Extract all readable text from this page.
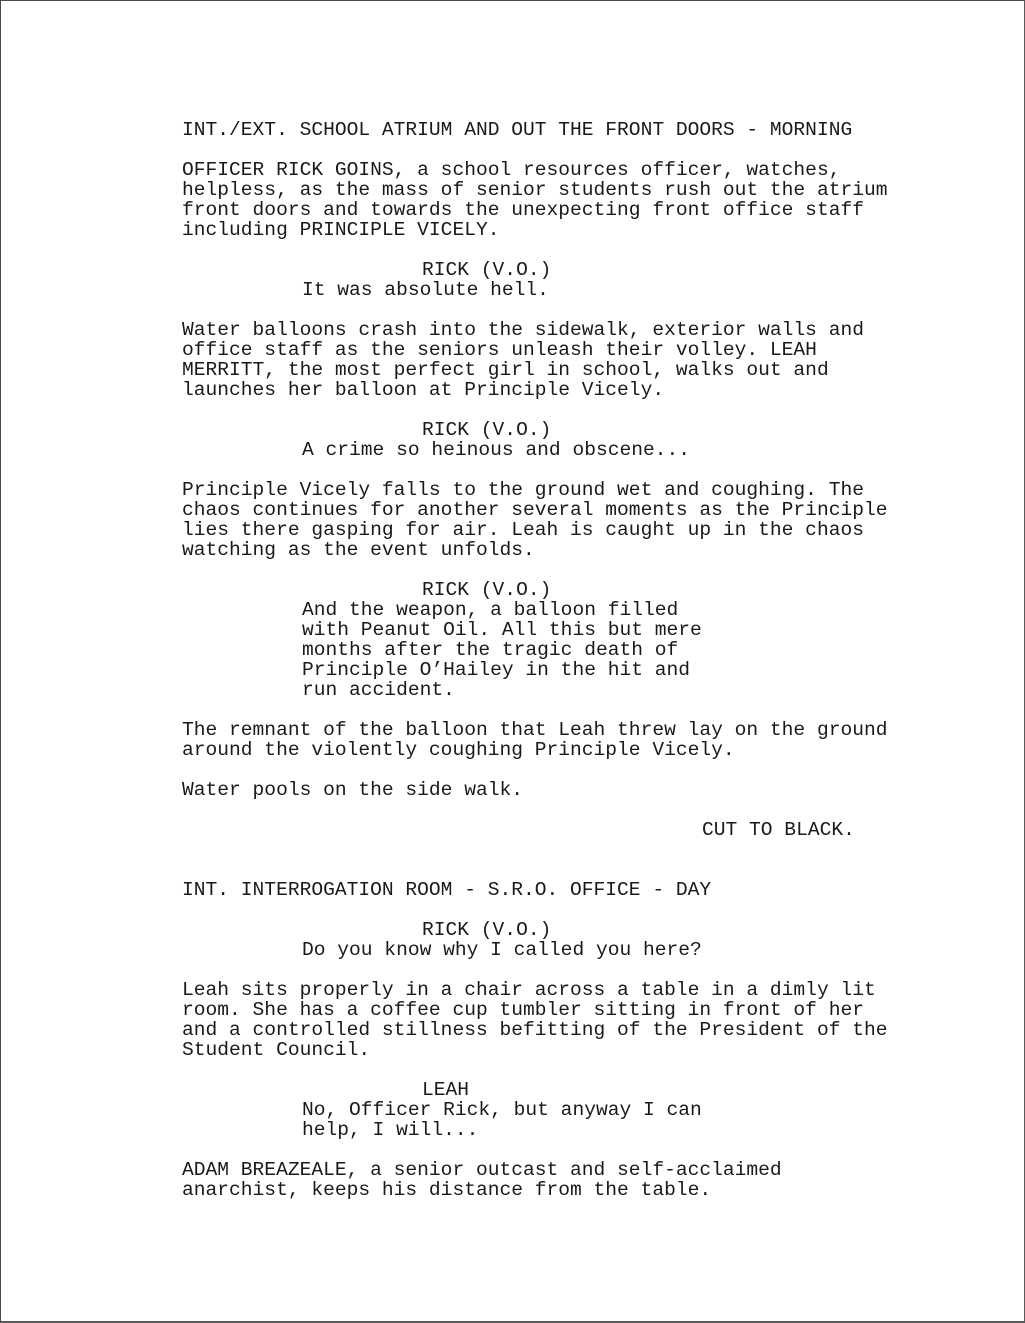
INT./EXT. SCHOOL ATRIUM AND OUT THE FRONT DOORS - MORNING
OFFICER RICK GOINS, a school resources officer, watches,
helpless, as the mass of senior students rush out the atrium
front doors and towards the unexpecting front office staff
including PRINCIPLE VICELY.
RICK (V.O.)
It was absolute hell.
Water balloons crash into the sidewalk, exterior walls and
office staff as the seniors unleash their volley. LEAH
MERRITT, the most perfect girl in school, walks out and
launches her balloon at Principle Vicely.
RICK (V.O.)
A crime so heinous and obscene...
Principle Vicely falls to the ground wet and coughing. The
chaos continues for another several moments as the Principle
lies there gasping for air. Leah is caught up in the chaos
watching as the event unfolds.
RICK (V.O.)
And the weapon, a balloon filled
with Peanut Oil. All this but mere
months after the tragic death of
Principle O’Hailey in the hit and
run accident.
The remnant of the balloon that Leah threw lay on the ground
around the violently coughing Principle Vicely.
Water pools on the side walk.
CUT TO BLACK.
INT. INTERROGATION ROOM - S.R.O. OFFICE - DAY
RICK (V.O.)
Do you know why I called you here?
Leah sits properly in a chair across a table in a dimly lit
room. She has a coffee cup tumbler sitting in front of her
and a controlled stillness befitting of the President of the
Student Council.
LEAH
No, Officer Rick, but anyway I can
help, I will...
ADAM BREAZEALE, a senior outcast and self-acclaimed
anarchist, keeps his distance from the table.
